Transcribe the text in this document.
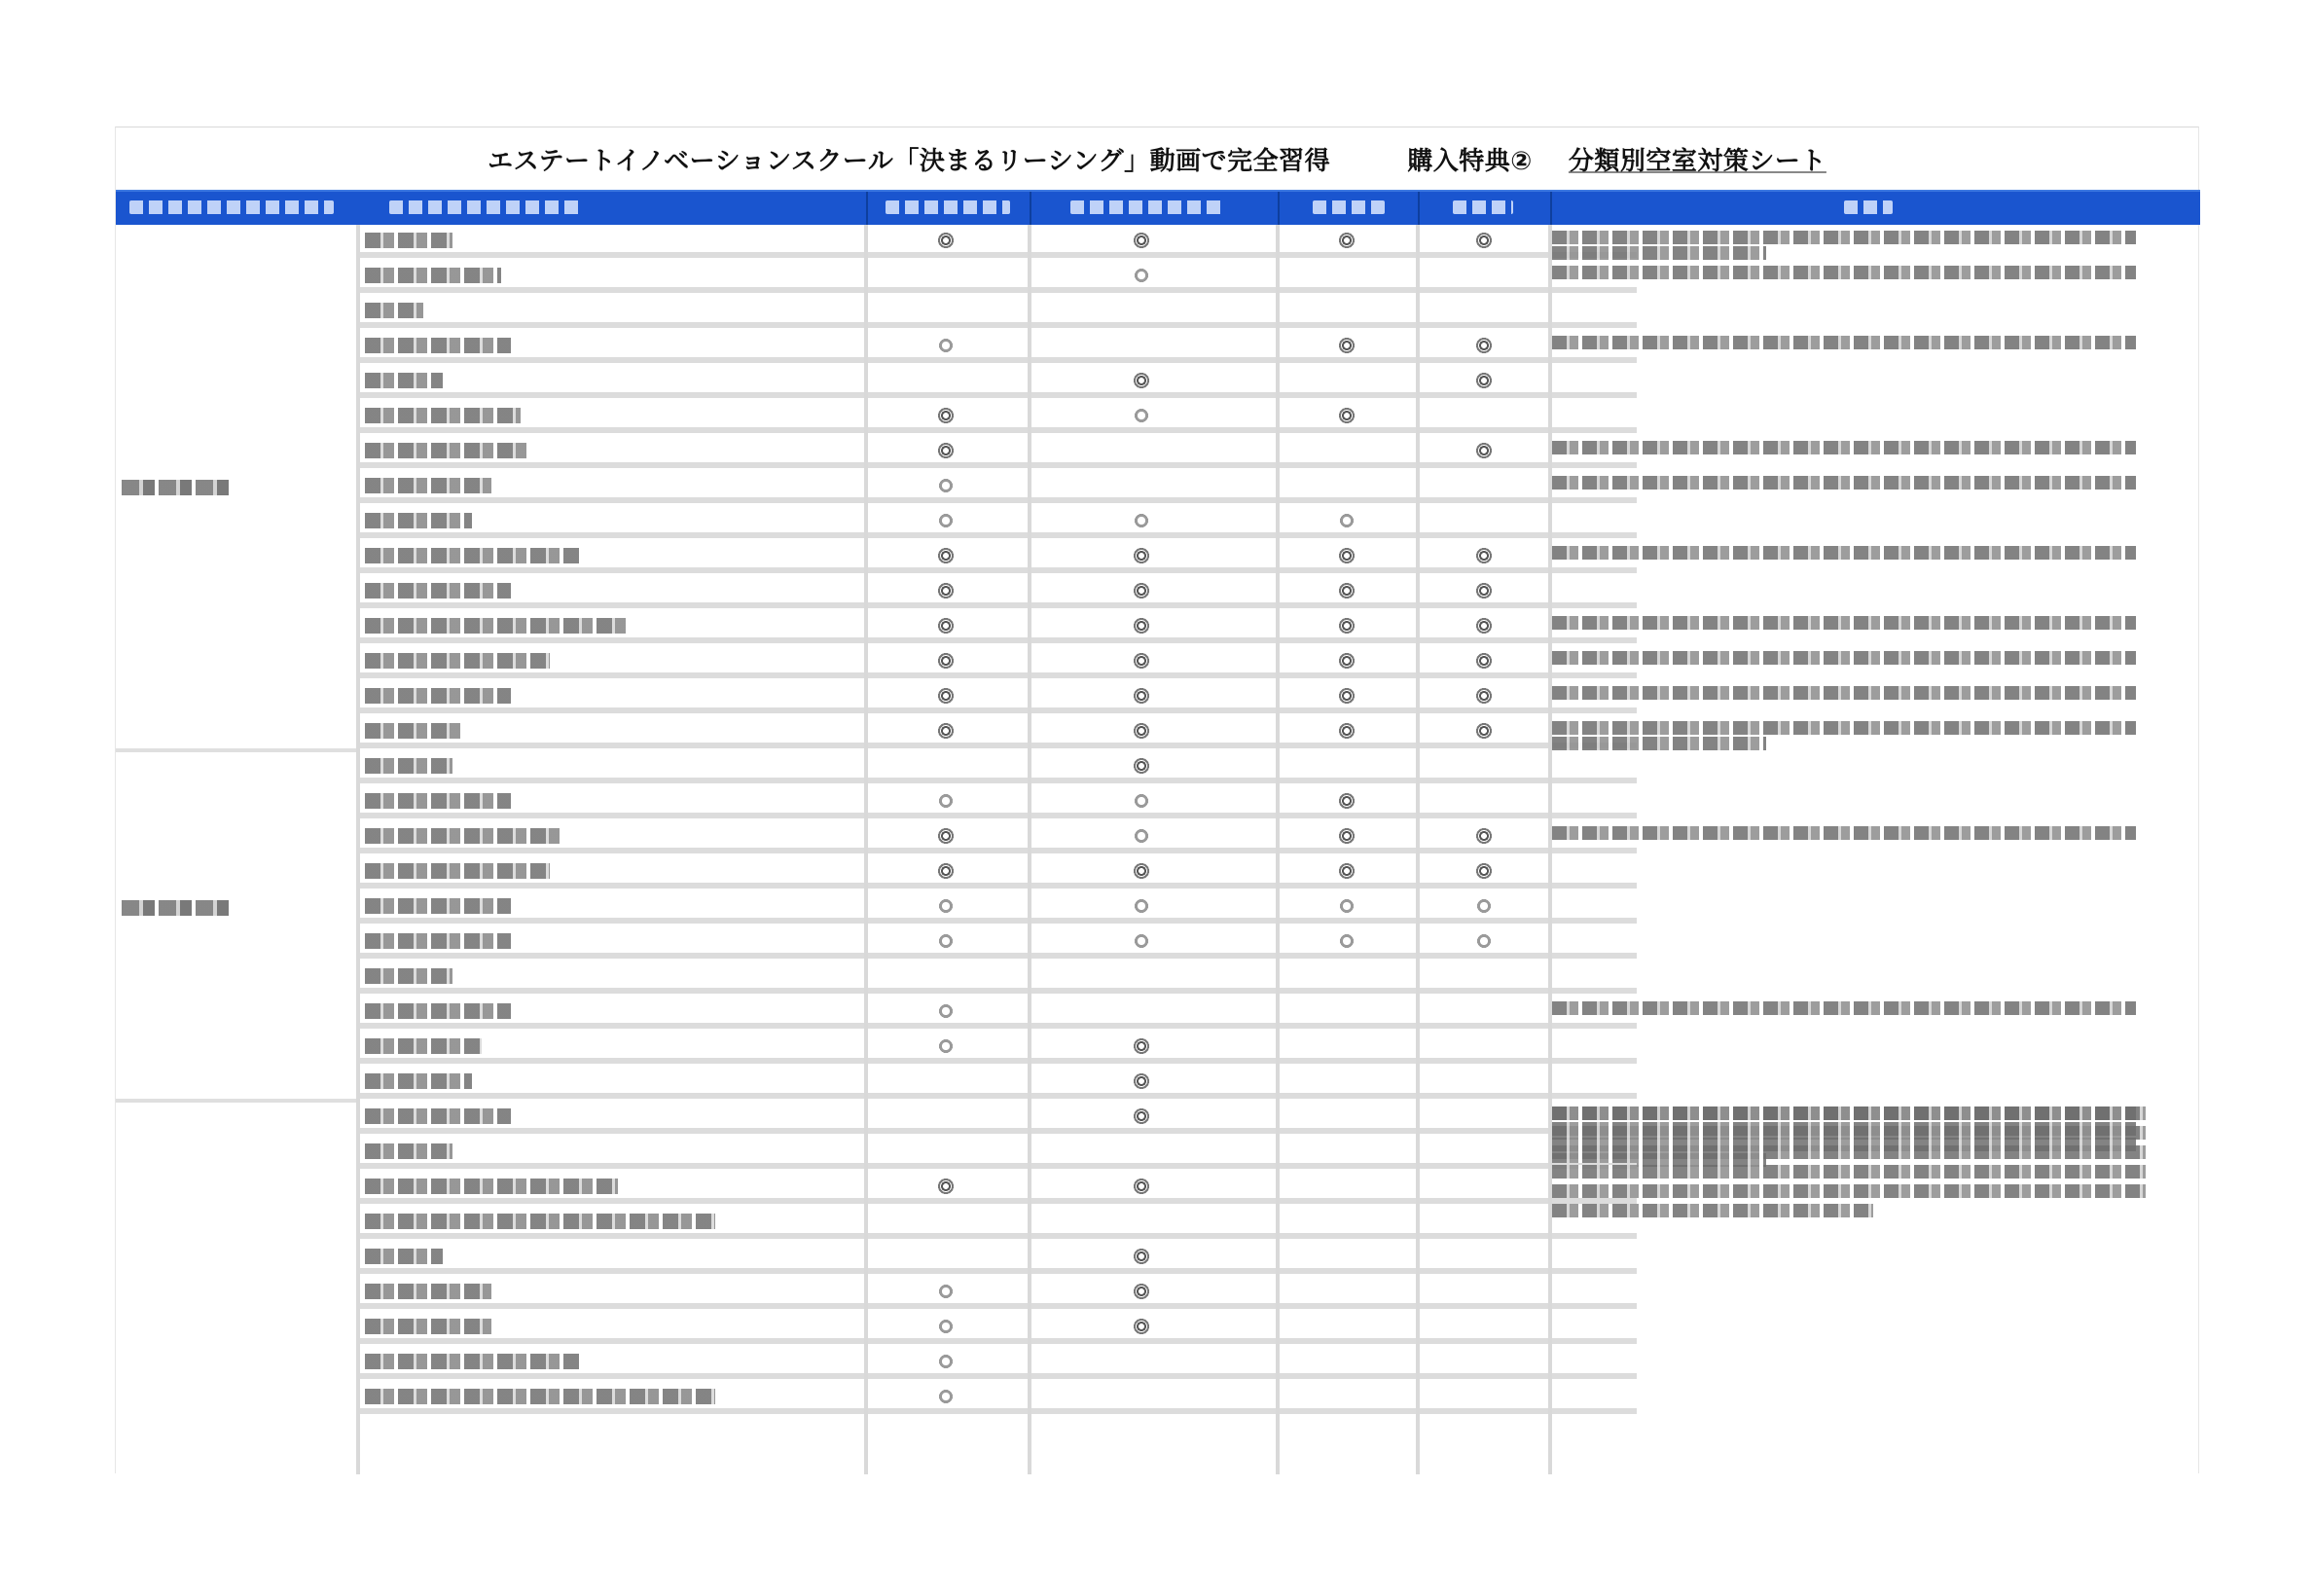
エステートイノベーションスクール「決まるリーシング」動画で完全習得	購入特典② 分類別空室対策シート
